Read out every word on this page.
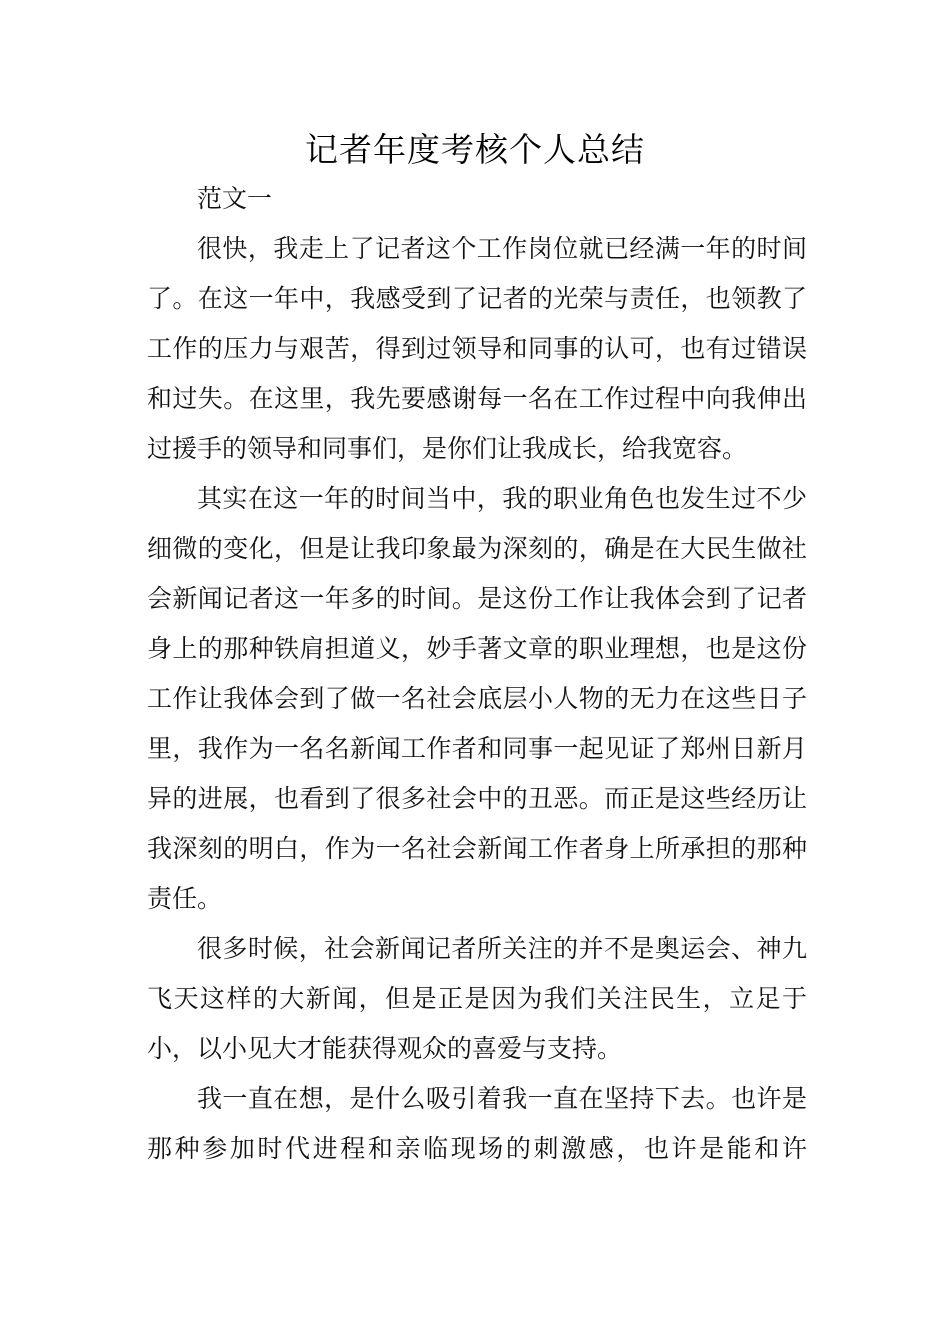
记者年度考核个人总结

范文一

很快，我走上了记者这个工作岗位就已经满一年的时间了。在这一年中，我感受到了记者的光荣与责任，也领教了工作的压力与艰苦，得到过领导和同事的认可，也有过错误和过失。在这里，我先要感谢每一名在工作过程中向我伸出过援手的领导和同事们，是你们让我成长，给我宽容。

其实在这一年的时间当中，我的职业角色也发生过不少细微的变化，但是让我印象最为深刻的，确是在大民生做社会新闻记者这一年多的时间。是这份工作让我体会到了记者身上的那种铁肩担道义，妙手著文章的职业理想，也是这份工作让我体会到了做一名社会底层小人物的无力在这些日子里，我作为一名名新闻工作者和同事一起见证了郑州日新月异的进展，也看到了很多社会中的丑恶。而正是这些经历让我深刻的明白，作为一名社会新闻工作者身上所承担的那种责任。

很多时候，社会新闻记者所关注的并不是奥运会、神九飞天这样的大新闻，但是正是因为我们关注民生，立足于小，以小见大才能获得观众的喜爱与支持。

我一直在想，是什么吸引着我一直在坚持下去。也许是那种参加时代进程和亲临现场的刺激感，也许是能和许
